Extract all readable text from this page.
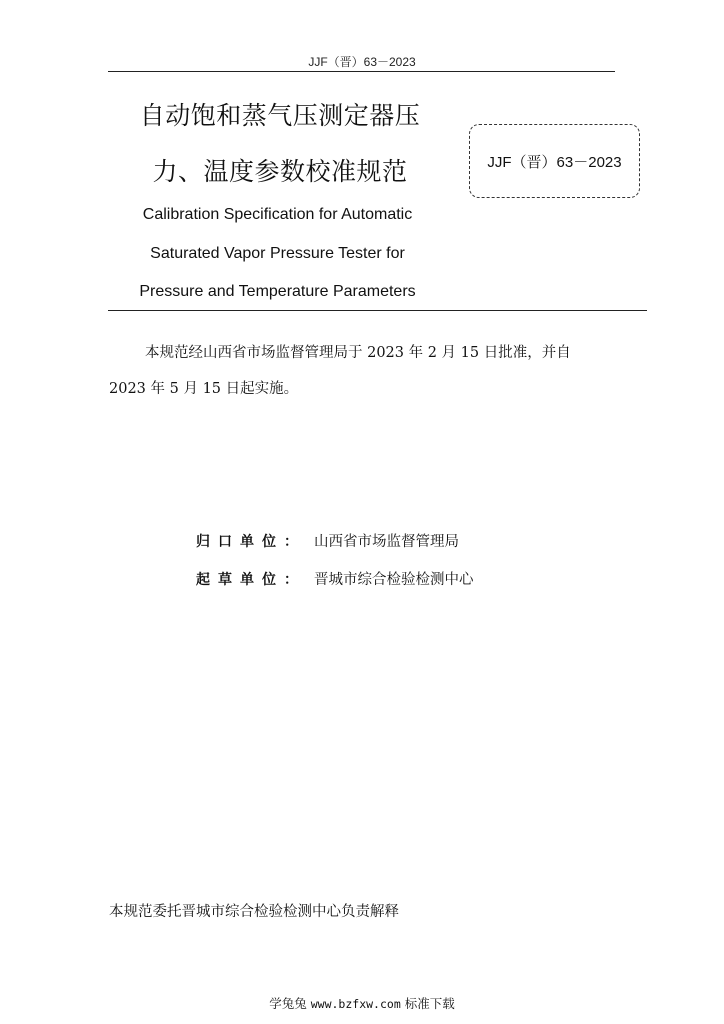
JJF（晋）63－2023
自动饱和蒸气压测定器压
力、温度参数校准规范	JJF（晋）63－2023
Calibration Specification for Automatic
Saturated Vapor Pressure Tester for
Pressure and Temperature Parameters
本规范经山西省市场监督管理局于 2023 年 2 月 15 日批准，并自
2023 年 5 月 15 日起实施。
归口单位： 山西省市场监督管理局
起草单位： 晋城市综合检验检测中心
本规范委托晋城市综合检验检测中心负责解释
学兔兔 www.bzfxw.com 标准下载
